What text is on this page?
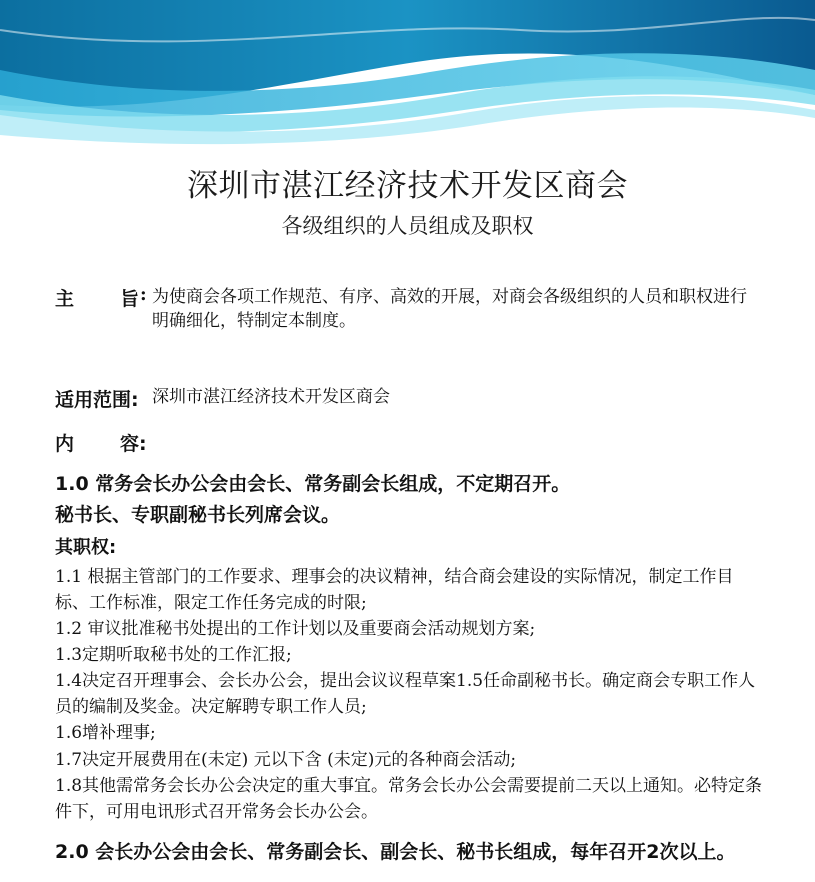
深圳市湛江经济技术开发区商会
各级组织的人员组成及职权
主 旨 : 为使商会各项工作规范、有序、高效的开展，对商会各级组织的人员和职权进行明确细化，特制定本制度。
适用范围: 深圳市湛江经济技术开发区商会
内 容:
1.0 常务会长办公会由会长、常务副会长组成，不定期召开。
秘书长、专职副秘书长列席会议。
其职权:
1.1 根据主管部门的工作要求、理事会的决议精神，结合商会建设的实际情况，制定工作目标、工作标准，限定工作任务完成的时限;
1.2 审议批准秘书处提出的工作计划以及重要商会活动规划方案;
1.3定期听取秘书处的工作汇报;
1.4决定召开理事会、会长办公会，提出会议议程草案1.5任命副秘书长。确定商会专职工作人员的编制及奖金。决定解聘专职工作人员;
1.6增补理事;
1.7决定开展费用在(未定) 元以下含 (未定)元的各种商会活动;
1.8其他需常务会长办公会决定的重大事宜。常务会长办公会需要提前二天以上通知。必特定条件下，可用电讯形式召开常务会长办公会。
2.0 会长办公会由会长、常务副会长、副会长、秘书长组成，每年召开2次以上。
